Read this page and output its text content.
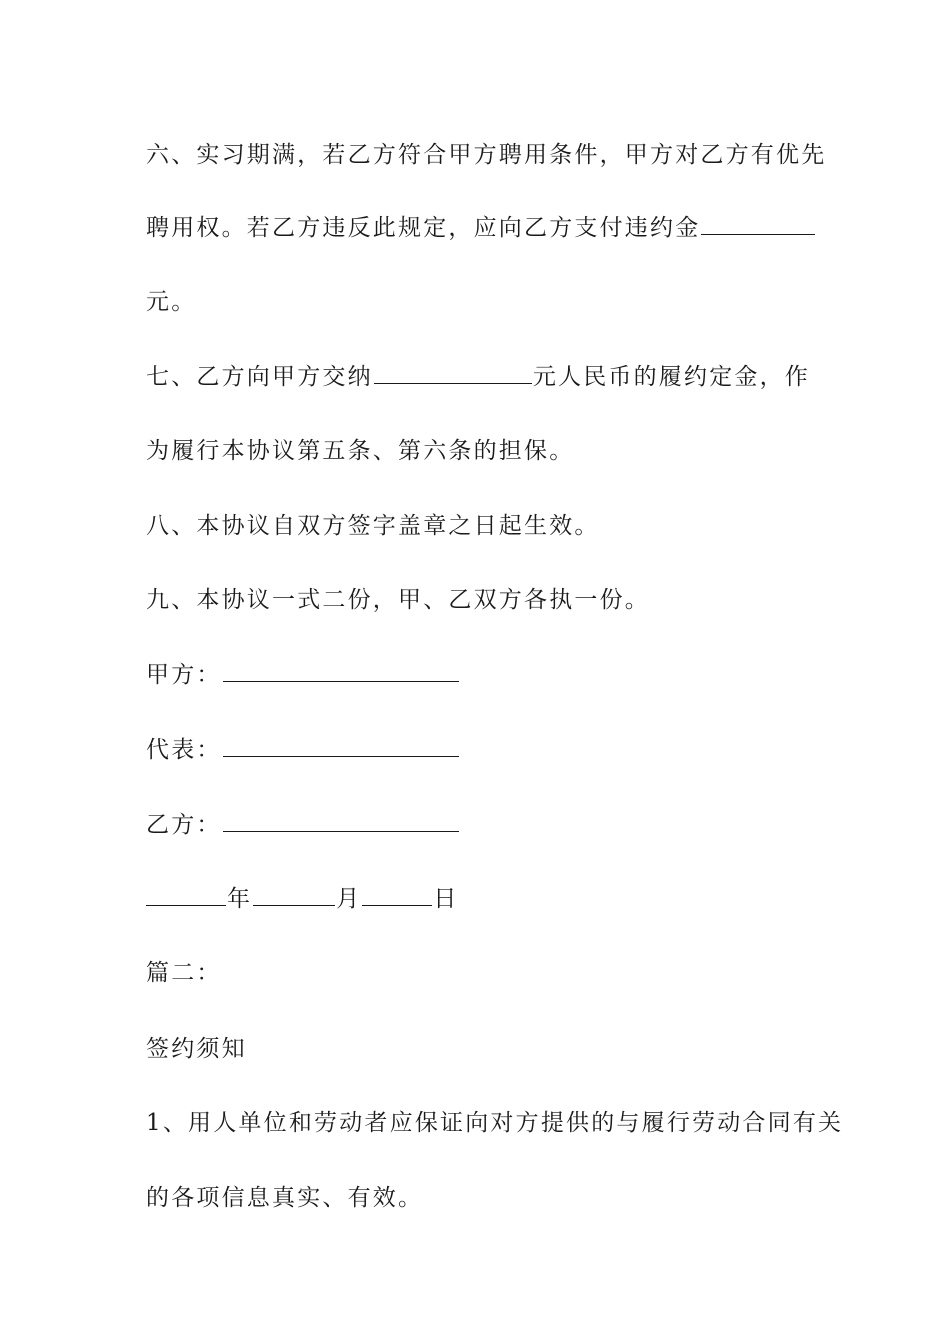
六、实习期满，若乙方符合甲方聘用条件，甲方对乙方有优先
聘用权。若乙方违反此规定，应向乙方支付违约金
元。
七、乙方向甲方交纳	元人民币的履约定金，作
为履行本协议第五条、第六条的担保。
八、本协议自双方签字盖章之日起生效。
九、本协议一式二份，甲、乙双方各执一份。
甲方：
代表：
乙方：
年	月	日
篇二：
签约须知
1、用人单位和劳动者应保证向对方提供的与履行劳动合同有关
的各项信息真实、有效。
